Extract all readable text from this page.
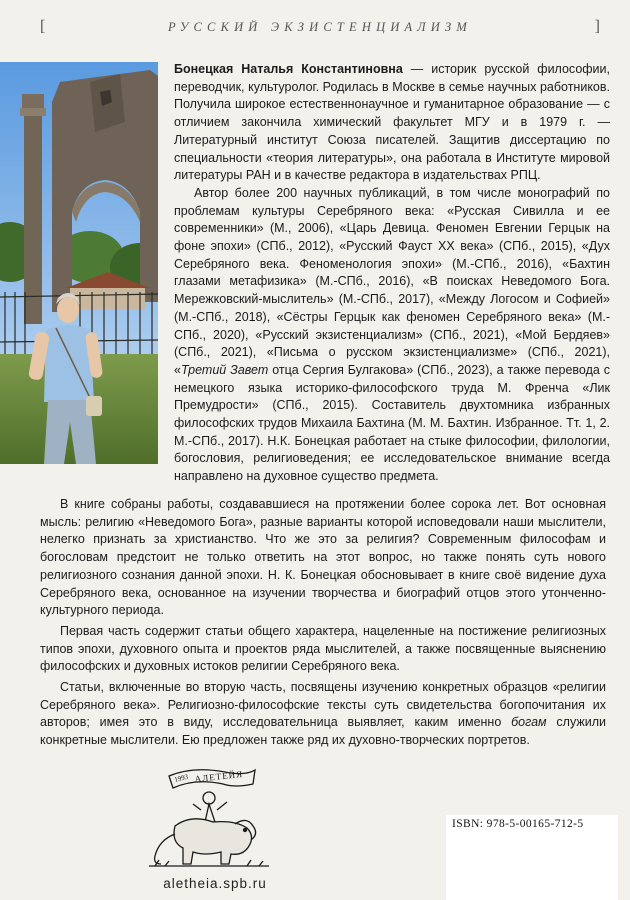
[	РУССКИЙ ЭКЗИСТЕНЦИАЛИЗМ	]

Бонецкая Наталья Константиновна — историк русской философии, переводчик, культуролог. Родилась в Москве в семье научных работников. Получила широкое естественнонаучное и гуманитарное образование — с отличием закончила химический факультет МГУ и в 1979 г. — Литературный институт Союза писателей. Защитив диссертацию по специальности «теория литературы», она работала в Институте мировой литературы РАН и в качестве редактора в издательствах РПЦ.

Автор более 200 научных публикаций, в том числе монографий по проблемам культуры Серебряного века: «Русская Сивилла и ее современники» (М., 2006), «Царь Девица. Феномен Евгении Герцык на фоне эпохи» (СПб., 2012), «Русский Фауст XX века» (СПб., 2015), «Дух Серебряного века. Феноменология эпохи» (М.-СПб., 2016), «Бахтин глазами метафизика» (М.-СПб., 2016), «В поисках Неведомого Бога. Мережковский-мыслитель» (М.-СПб., 2017), «Между Логосом и Софией» (М.-СПб., 2018), «Сёстры Герцык как феномен Серебряного века» (М.-СПб., 2020), «Русский экзистенциализм» (СПб., 2021), «Мой Бердяев» (СПб., 2021), «Письма о русском экзистенциализме» (СПб., 2021), «Третий Завет отца Сергия Булгакова» (СПб., 2023), а также перевода с немецкого языка историко-философского труда М. Френча «Лик Премудрости» (СПб., 2015). Составитель двухтомника избранных философских трудов Михаила Бахтина (М. М. Бахтин. Избранное. Тт. 1, 2. М.-СПб., 2017). Н.К. Бонецкая работает на стыке философии, филологии, богословия, религиоведения; ее исследовательское внимание всегда направлено на духовное существо предмета.

В книге собраны работы, создававшиеся на протяжении более сорока лет. Вот основная мысль: религию «Неведомого Бога», разные варианты которой исповедовали наши мыслители, нелегко признать за христианство. Что же это за религия? Современным философам и богословам предстоит не только ответить на этот вопрос, но также понять суть нового религиозного сознания данной эпохи. Н. К. Бонецкая обосновывает в книге своё видение духа Серебряного века, основанное на изучении творчества и биографий отцов этого утонченно-культурного периода.

Первая часть содержит статьи общего характера, нацеленные на постижение религиозных типов эпохи, духовного опыта и проектов ряда мыслителей, а также посвященные выяснению философских и духовных истоков религии Серебряного века.

Статьи, включенные во вторую часть, посвящены изучению конкретных образцов «религии Серебряного века». Религиозно-философские тексты суть свидетельства богопочитания их авторов; имея это в виду, исследовательница выявляет, каким именно богам служили конкретные мыслители. Ею предложен также ряд их духовно-творческих портретов.

1993 АЛЕТЕЙЯ
aletheia.spb.ru
ISBN: 978-5-00165-712-5
